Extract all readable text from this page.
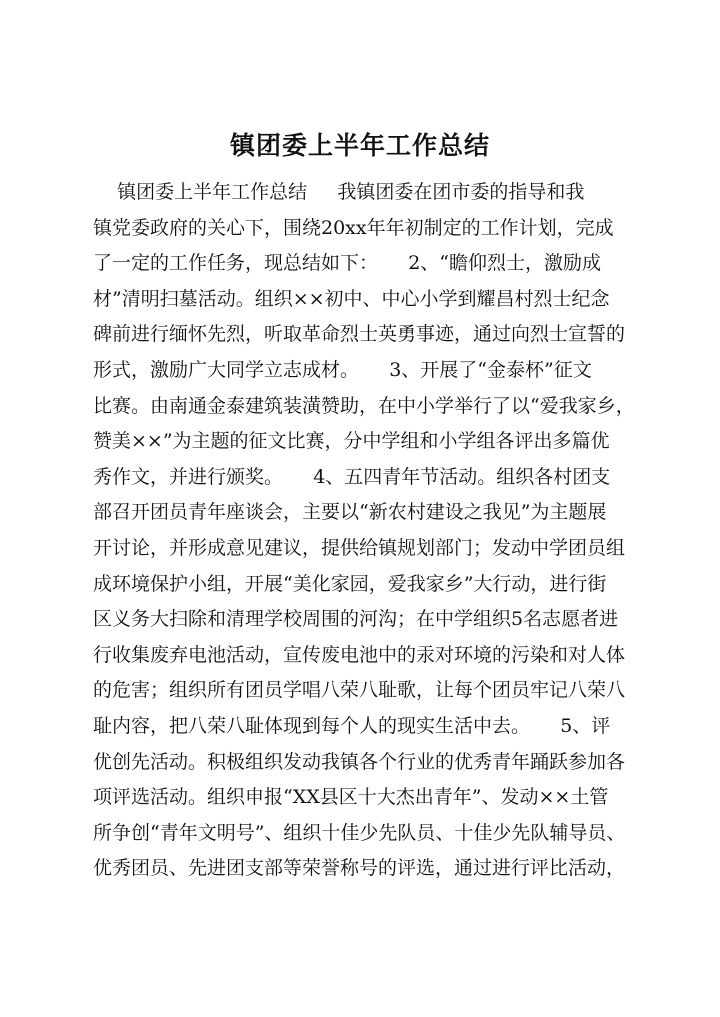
镇团委上半年工作总结
镇团委上半年工作总结     我镇团委在团市委的指导和我
镇党委政府的关心下，围绕20xx年年初制定的工作计划，完成
了一定的工作任务，现总结如下：     2、“瞻仰烈士，激励成
材”清明扫墓活动。组织××初中、中心小学到耀昌村烈士纪念
碑前进行缅怀先烈，听取革命烈士英勇事迹，通过向烈士宣誓的
形式，激励广大同学立志成材。     3、开展了“金泰杯”征文
比赛。由南通金泰建筑装潢赞助，在中小学举行了以“爱我家乡，
赞美××”为主题的征文比赛，分中学组和小学组各评出多篇优
秀作文，并进行颁奖。     4、五四青年节活动。组织各村团支
部召开团员青年座谈会，主要以“新农村建设之我见”为主题展
开讨论，并形成意见建议，提供给镇规划部门；发动中学团员组
成环境保护小组，开展“美化家园，爱我家乡”大行动，进行街
区义务大扫除和清理学校周围的河沟；在中学组织5名志愿者进
行收集废弃电池活动，宣传废电池中的汞对环境的污染和对人体
的危害；组织所有团员学唱八荣八耻歌，让每个团员牢记八荣八
耻内容，把八荣八耻体现到每个人的现实生活中去。     5、评
优创先活动。积极组织发动我镇各个行业的优秀青年踊跃参加各
项评选活动。组织申报“XX县区十大杰出青年”、发动××土管
所争创“青年文明号”、组织十佳少先队员、十佳少先队辅导员、
优秀团员、先进团支部等荣誉称号的评选，通过进行评比活动，
